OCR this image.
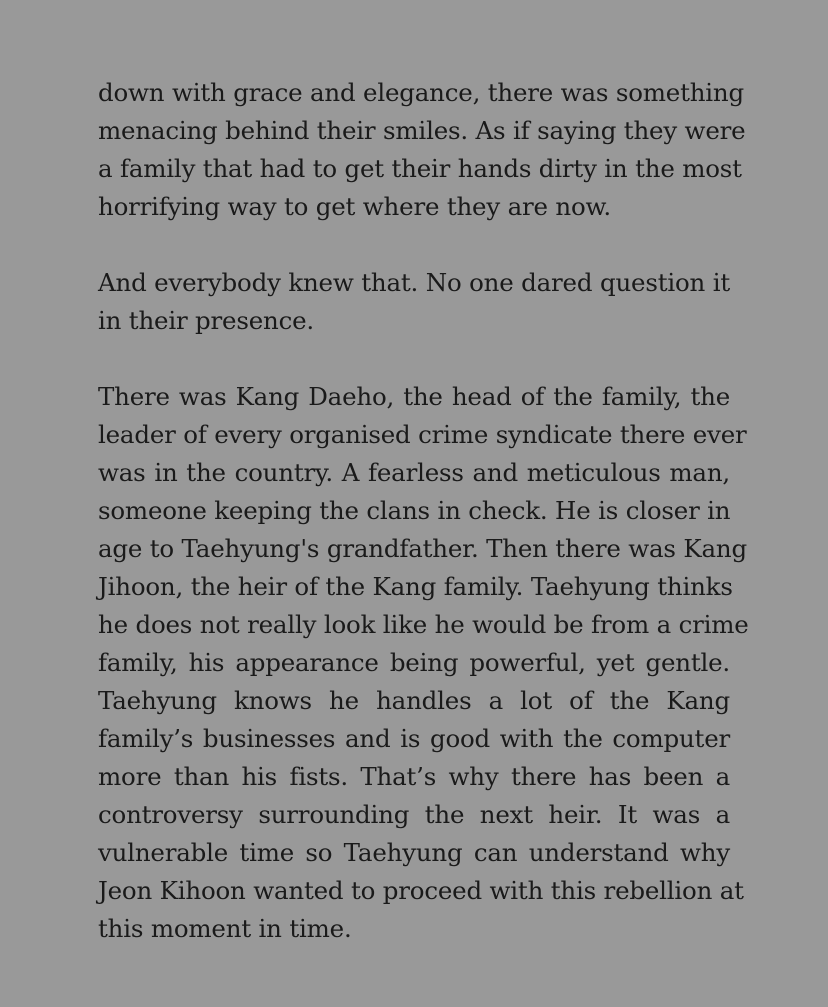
down with grace and elegance, there was something
menacing behind their smiles. As if saying they were
a family that had to get their hands dirty in the most
horrifying way to get where they are now.
And everybody knew that. No one dared question it
in their presence.
There was Kang Daeho, the head of the family, the
leader of every organised crime syndicate there ever
was in the country. A fearless and meticulous man,
someone keeping the clans in check. He is closer in
age to Taehyung's grandfather. Then there was Kang
Jihoon, the heir of the Kang family. Taehyung thinks
he does not really look like he would be from a crime
family, his appearance being powerful, yet gentle.
Taehyung knows he handles a lot of the Kang
family’s businesses and is good with the computer
more than his fists. That’s why there has been a
controversy surrounding the next heir. It was a
vulnerable time so Taehyung can understand why
Jeon Kihoon wanted to proceed with this rebellion at
this moment in time.
